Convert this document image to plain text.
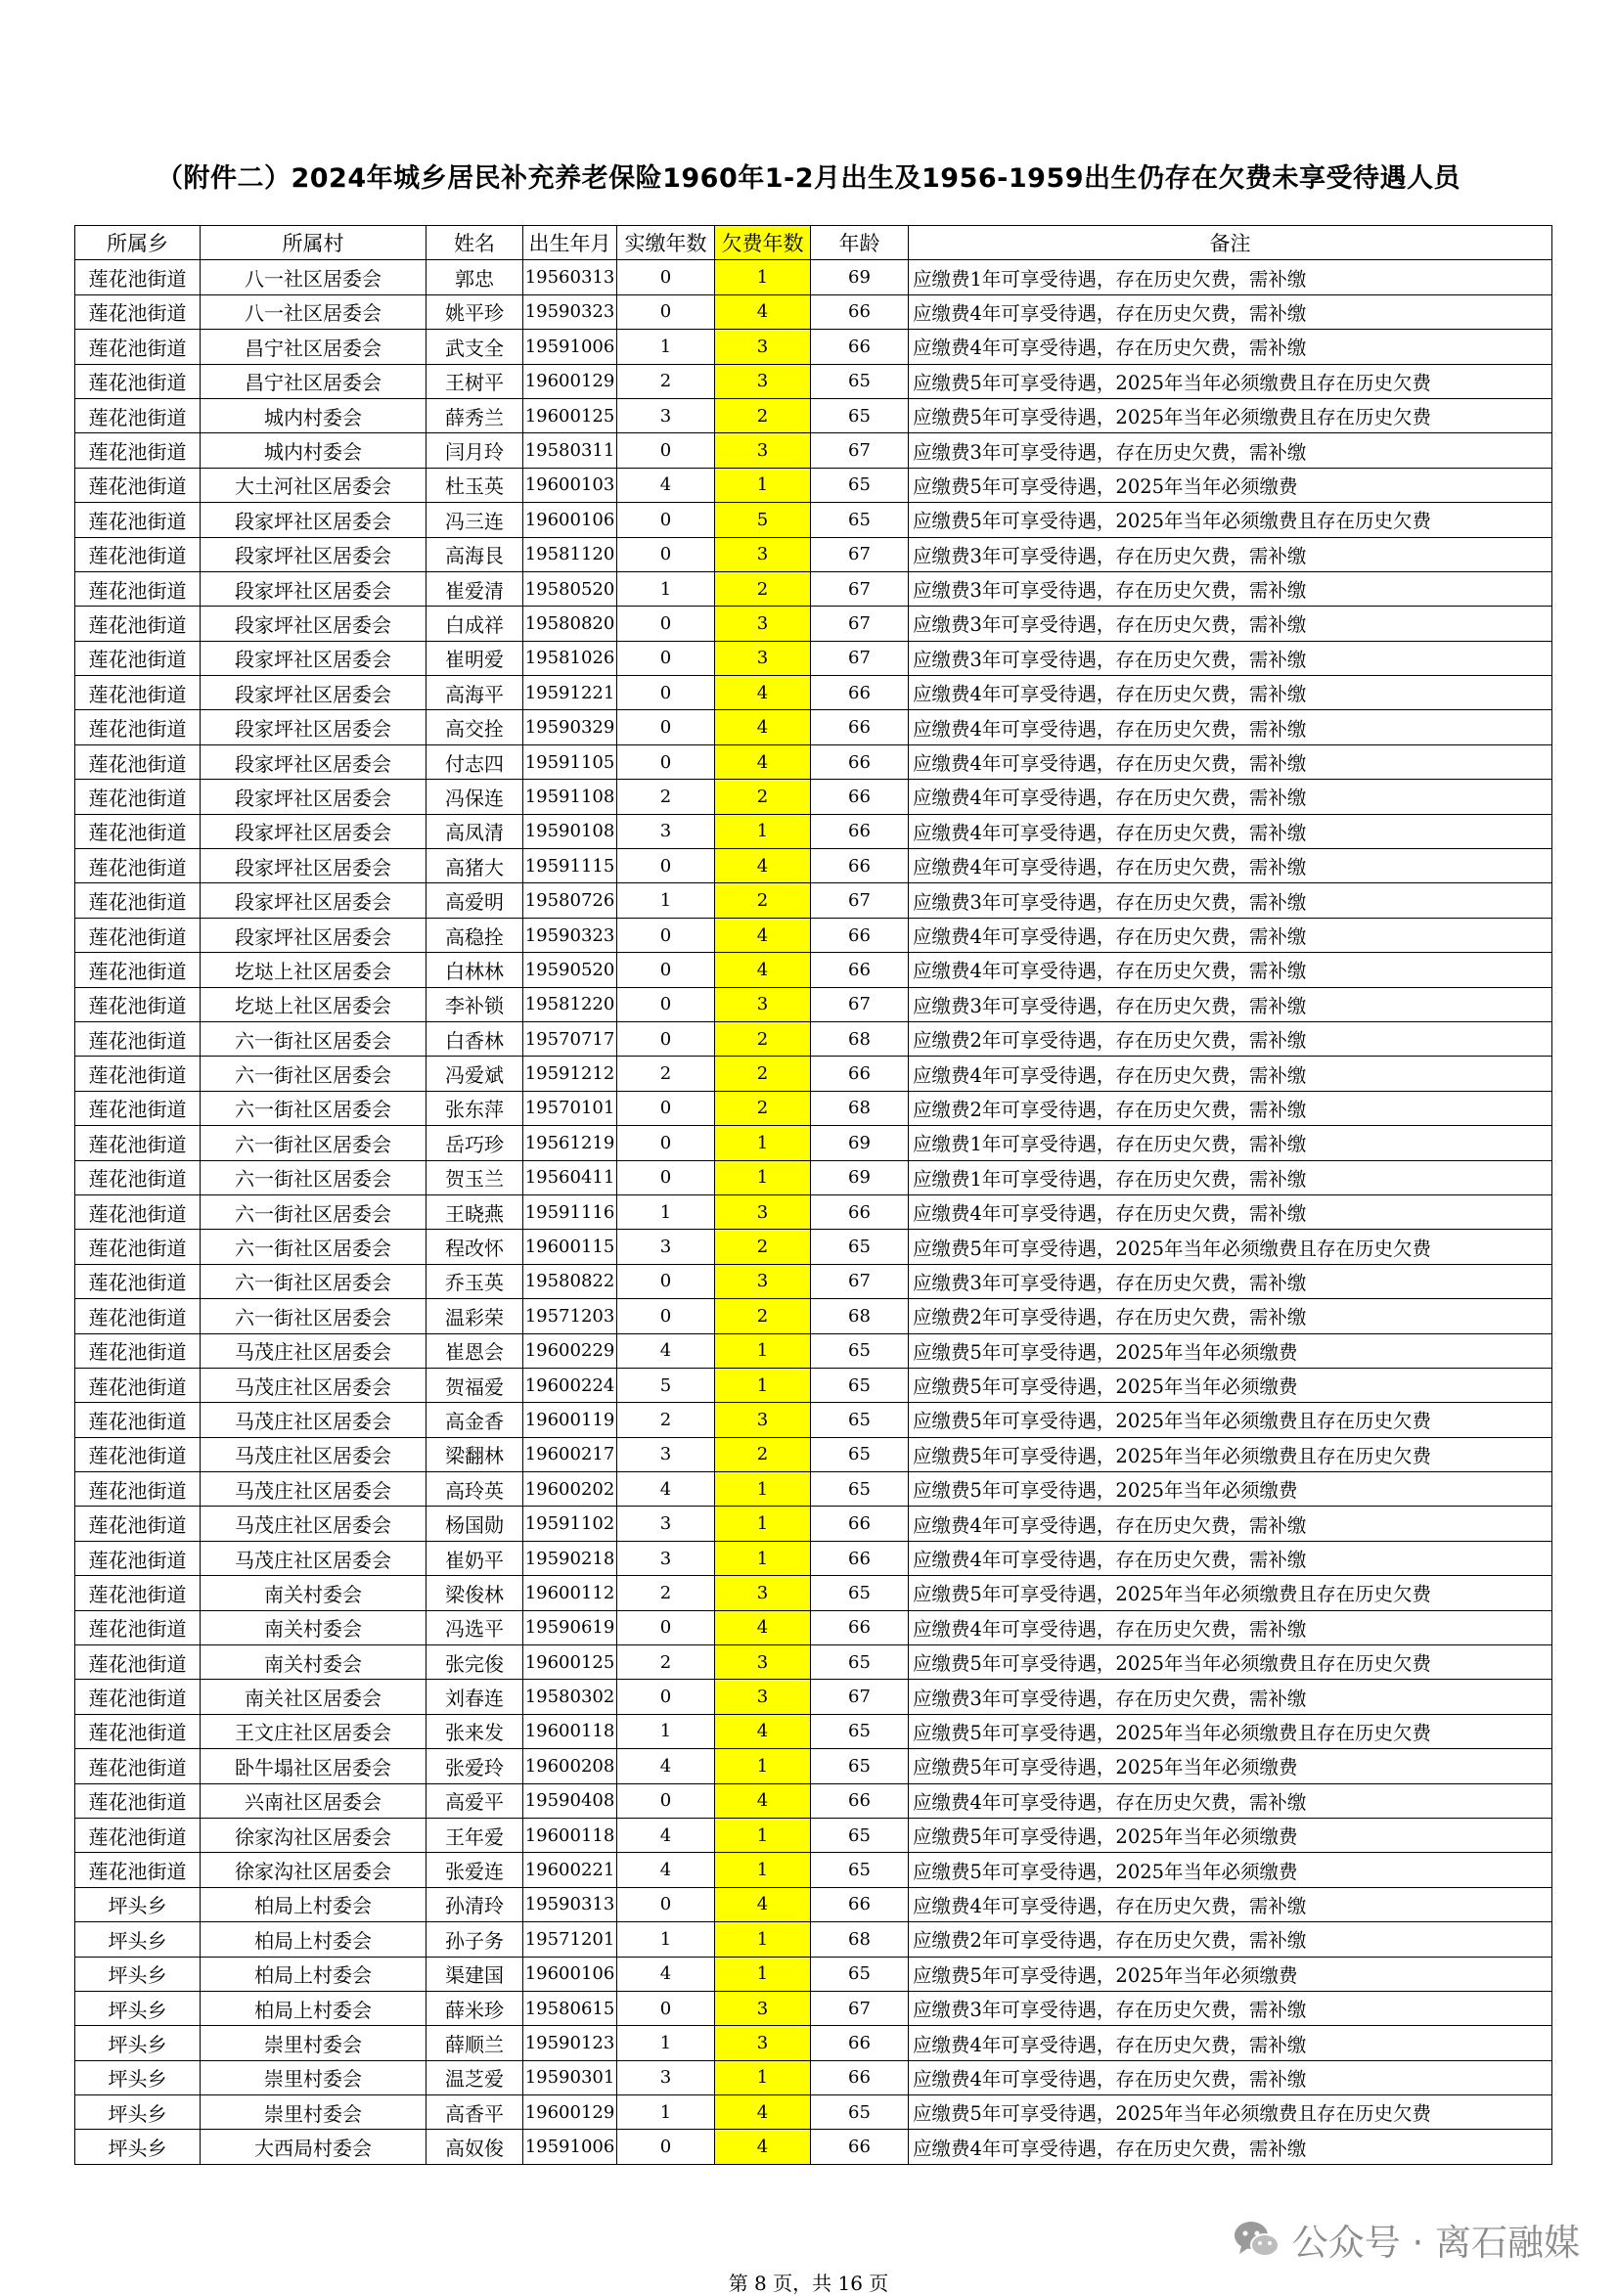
（附件二）2024年城乡居民补充养老保险1960年1-2月出生及1956-1959出生仍存在欠费未享受待遇人员
所属乡	所属村	姓名	出生年月	实缴年数	欠费年数	年龄	备注
莲花池街道	八一社区居委会	郭忠	19560313	0	1	69	应缴费1年可享受待遇，存在历史欠费，需补缴
莲花池街道	八一社区居委会	姚平珍	19590323	0	4	66	应缴费4年可享受待遇，存在历史欠费，需补缴
莲花池街道	昌宁社区居委会	武支全	19591006	1	3	66	应缴费4年可享受待遇，存在历史欠费，需补缴
莲花池街道	昌宁社区居委会	王树平	19600129	2	3	65	应缴费5年可享受待遇，2025年当年必须缴费且存在历史欠费
莲花池街道	城内村委会	薛秀兰	19600125	3	2	65	应缴费5年可享受待遇，2025年当年必须缴费且存在历史欠费
莲花池街道	城内村委会	闫月玲	19580311	0	3	67	应缴费3年可享受待遇，存在历史欠费，需补缴
莲花池街道	大土河社区居委会	杜玉英	19600103	4	1	65	应缴费5年可享受待遇，2025年当年必须缴费
莲花池街道	段家坪社区居委会	冯三连	19600106	0	5	65	应缴费5年可享受待遇，2025年当年必须缴费且存在历史欠费
莲花池街道	段家坪社区居委会	高海艮	19581120	0	3	67	应缴费3年可享受待遇，存在历史欠费，需补缴
莲花池街道	段家坪社区居委会	崔爱清	19580520	1	2	67	应缴费3年可享受待遇，存在历史欠费，需补缴
莲花池街道	段家坪社区居委会	白成祥	19580820	0	3	67	应缴费3年可享受待遇，存在历史欠费，需补缴
莲花池街道	段家坪社区居委会	崔明爱	19581026	0	3	67	应缴费3年可享受待遇，存在历史欠费，需补缴
莲花池街道	段家坪社区居委会	高海平	19591221	0	4	66	应缴费4年可享受待遇，存在历史欠费，需补缴
莲花池街道	段家坪社区居委会	高交拴	19590329	0	4	66	应缴费4年可享受待遇，存在历史欠费，需补缴
莲花池街道	段家坪社区居委会	付志四	19591105	0	4	66	应缴费4年可享受待遇，存在历史欠费，需补缴
莲花池街道	段家坪社区居委会	冯保连	19591108	2	2	66	应缴费4年可享受待遇，存在历史欠费，需补缴
莲花池街道	段家坪社区居委会	高凤清	19590108	3	1	66	应缴费4年可享受待遇，存在历史欠费，需补缴
莲花池街道	段家坪社区居委会	高猪大	19591115	0	4	66	应缴费4年可享受待遇，存在历史欠费，需补缴
莲花池街道	段家坪社区居委会	高爱明	19580726	1	2	67	应缴费3年可享受待遇，存在历史欠费，需补缴
莲花池街道	段家坪社区居委会	高稳拴	19590323	0	4	66	应缴费4年可享受待遇，存在历史欠费，需补缴
莲花池街道	圪垯上社区居委会	白林林	19590520	0	4	66	应缴费4年可享受待遇，存在历史欠费，需补缴
莲花池街道	圪垯上社区居委会	李补锁	19581220	0	3	67	应缴费3年可享受待遇，存在历史欠费，需补缴
莲花池街道	六一街社区居委会	白香林	19570717	0	2	68	应缴费2年可享受待遇，存在历史欠费，需补缴
莲花池街道	六一街社区居委会	冯爱斌	19591212	2	2	66	应缴费4年可享受待遇，存在历史欠费，需补缴
莲花池街道	六一街社区居委会	张东萍	19570101	0	2	68	应缴费2年可享受待遇，存在历史欠费，需补缴
莲花池街道	六一街社区居委会	岳巧珍	19561219	0	1	69	应缴费1年可享受待遇，存在历史欠费，需补缴
莲花池街道	六一街社区居委会	贺玉兰	19560411	0	1	69	应缴费1年可享受待遇，存在历史欠费，需补缴
莲花池街道	六一街社区居委会	王晓燕	19591116	1	3	66	应缴费4年可享受待遇，存在历史欠费，需补缴
莲花池街道	六一街社区居委会	程改怀	19600115	3	2	65	应缴费5年可享受待遇，2025年当年必须缴费且存在历史欠费
莲花池街道	六一街社区居委会	乔玉英	19580822	0	3	67	应缴费3年可享受待遇，存在历史欠费，需补缴
莲花池街道	六一街社区居委会	温彩荣	19571203	0	2	68	应缴费2年可享受待遇，存在历史欠费，需补缴
莲花池街道	马茂庄社区居委会	崔恩会	19600229	4	1	65	应缴费5年可享受待遇，2025年当年必须缴费
莲花池街道	马茂庄社区居委会	贺福爱	19600224	5	1	65	应缴费5年可享受待遇，2025年当年必须缴费
莲花池街道	马茂庄社区居委会	高金香	19600119	2	3	65	应缴费5年可享受待遇，2025年当年必须缴费且存在历史欠费
莲花池街道	马茂庄社区居委会	梁翻林	19600217	3	2	65	应缴费5年可享受待遇，2025年当年必须缴费且存在历史欠费
莲花池街道	马茂庄社区居委会	高玲英	19600202	4	1	65	应缴费5年可享受待遇，2025年当年必须缴费
莲花池街道	马茂庄社区居委会	杨国勋	19591102	3	1	66	应缴费4年可享受待遇，存在历史欠费，需补缴
莲花池街道	马茂庄社区居委会	崔奶平	19590218	3	1	66	应缴费4年可享受待遇，存在历史欠费，需补缴
莲花池街道	南关村委会	梁俊林	19600112	2	3	65	应缴费5年可享受待遇，2025年当年必须缴费且存在历史欠费
莲花池街道	南关村委会	冯选平	19590619	0	4	66	应缴费4年可享受待遇，存在历史欠费，需补缴
莲花池街道	南关村委会	张完俊	19600125	2	3	65	应缴费5年可享受待遇，2025年当年必须缴费且存在历史欠费
莲花池街道	南关社区居委会	刘春连	19580302	0	3	67	应缴费3年可享受待遇，存在历史欠费，需补缴
莲花池街道	王文庄社区居委会	张来发	19600118	1	4	65	应缴费5年可享受待遇，2025年当年必须缴费且存在历史欠费
莲花池街道	卧牛塌社区居委会	张爱玲	19600208	4	1	65	应缴费5年可享受待遇，2025年当年必须缴费
莲花池街道	兴南社区居委会	高爱平	19590408	0	4	66	应缴费4年可享受待遇，存在历史欠费，需补缴
莲花池街道	徐家沟社区居委会	王年爱	19600118	4	1	65	应缴费5年可享受待遇，2025年当年必须缴费
莲花池街道	徐家沟社区居委会	张爱连	19600221	4	1	65	应缴费5年可享受待遇，2025年当年必须缴费
坪头乡	柏局上村委会	孙清玲	19590313	0	4	66	应缴费4年可享受待遇，存在历史欠费，需补缴
坪头乡	柏局上村委会	孙子务	19571201	1	1	68	应缴费2年可享受待遇，存在历史欠费，需补缴
坪头乡	柏局上村委会	渠建国	19600106	4	1	65	应缴费5年可享受待遇，2025年当年必须缴费
坪头乡	柏局上村委会	薛米珍	19580615	0	3	67	应缴费3年可享受待遇，存在历史欠费，需补缴
坪头乡	崇里村委会	薛顺兰	19590123	1	3	66	应缴费4年可享受待遇，存在历史欠费，需补缴
坪头乡	崇里村委会	温芝爱	19590301	3	1	66	应缴费4年可享受待遇，存在历史欠费，需补缴
坪头乡	崇里村委会	高香平	19600129	1	4	65	应缴费5年可享受待遇，2025年当年必须缴费且存在历史欠费
坪头乡	大西局村委会	高奴俊	19591006	0	4	66	应缴费4年可享受待遇，存在历史欠费，需补缴
第 8 页，共 16 页
公众号 · 离石融媒
